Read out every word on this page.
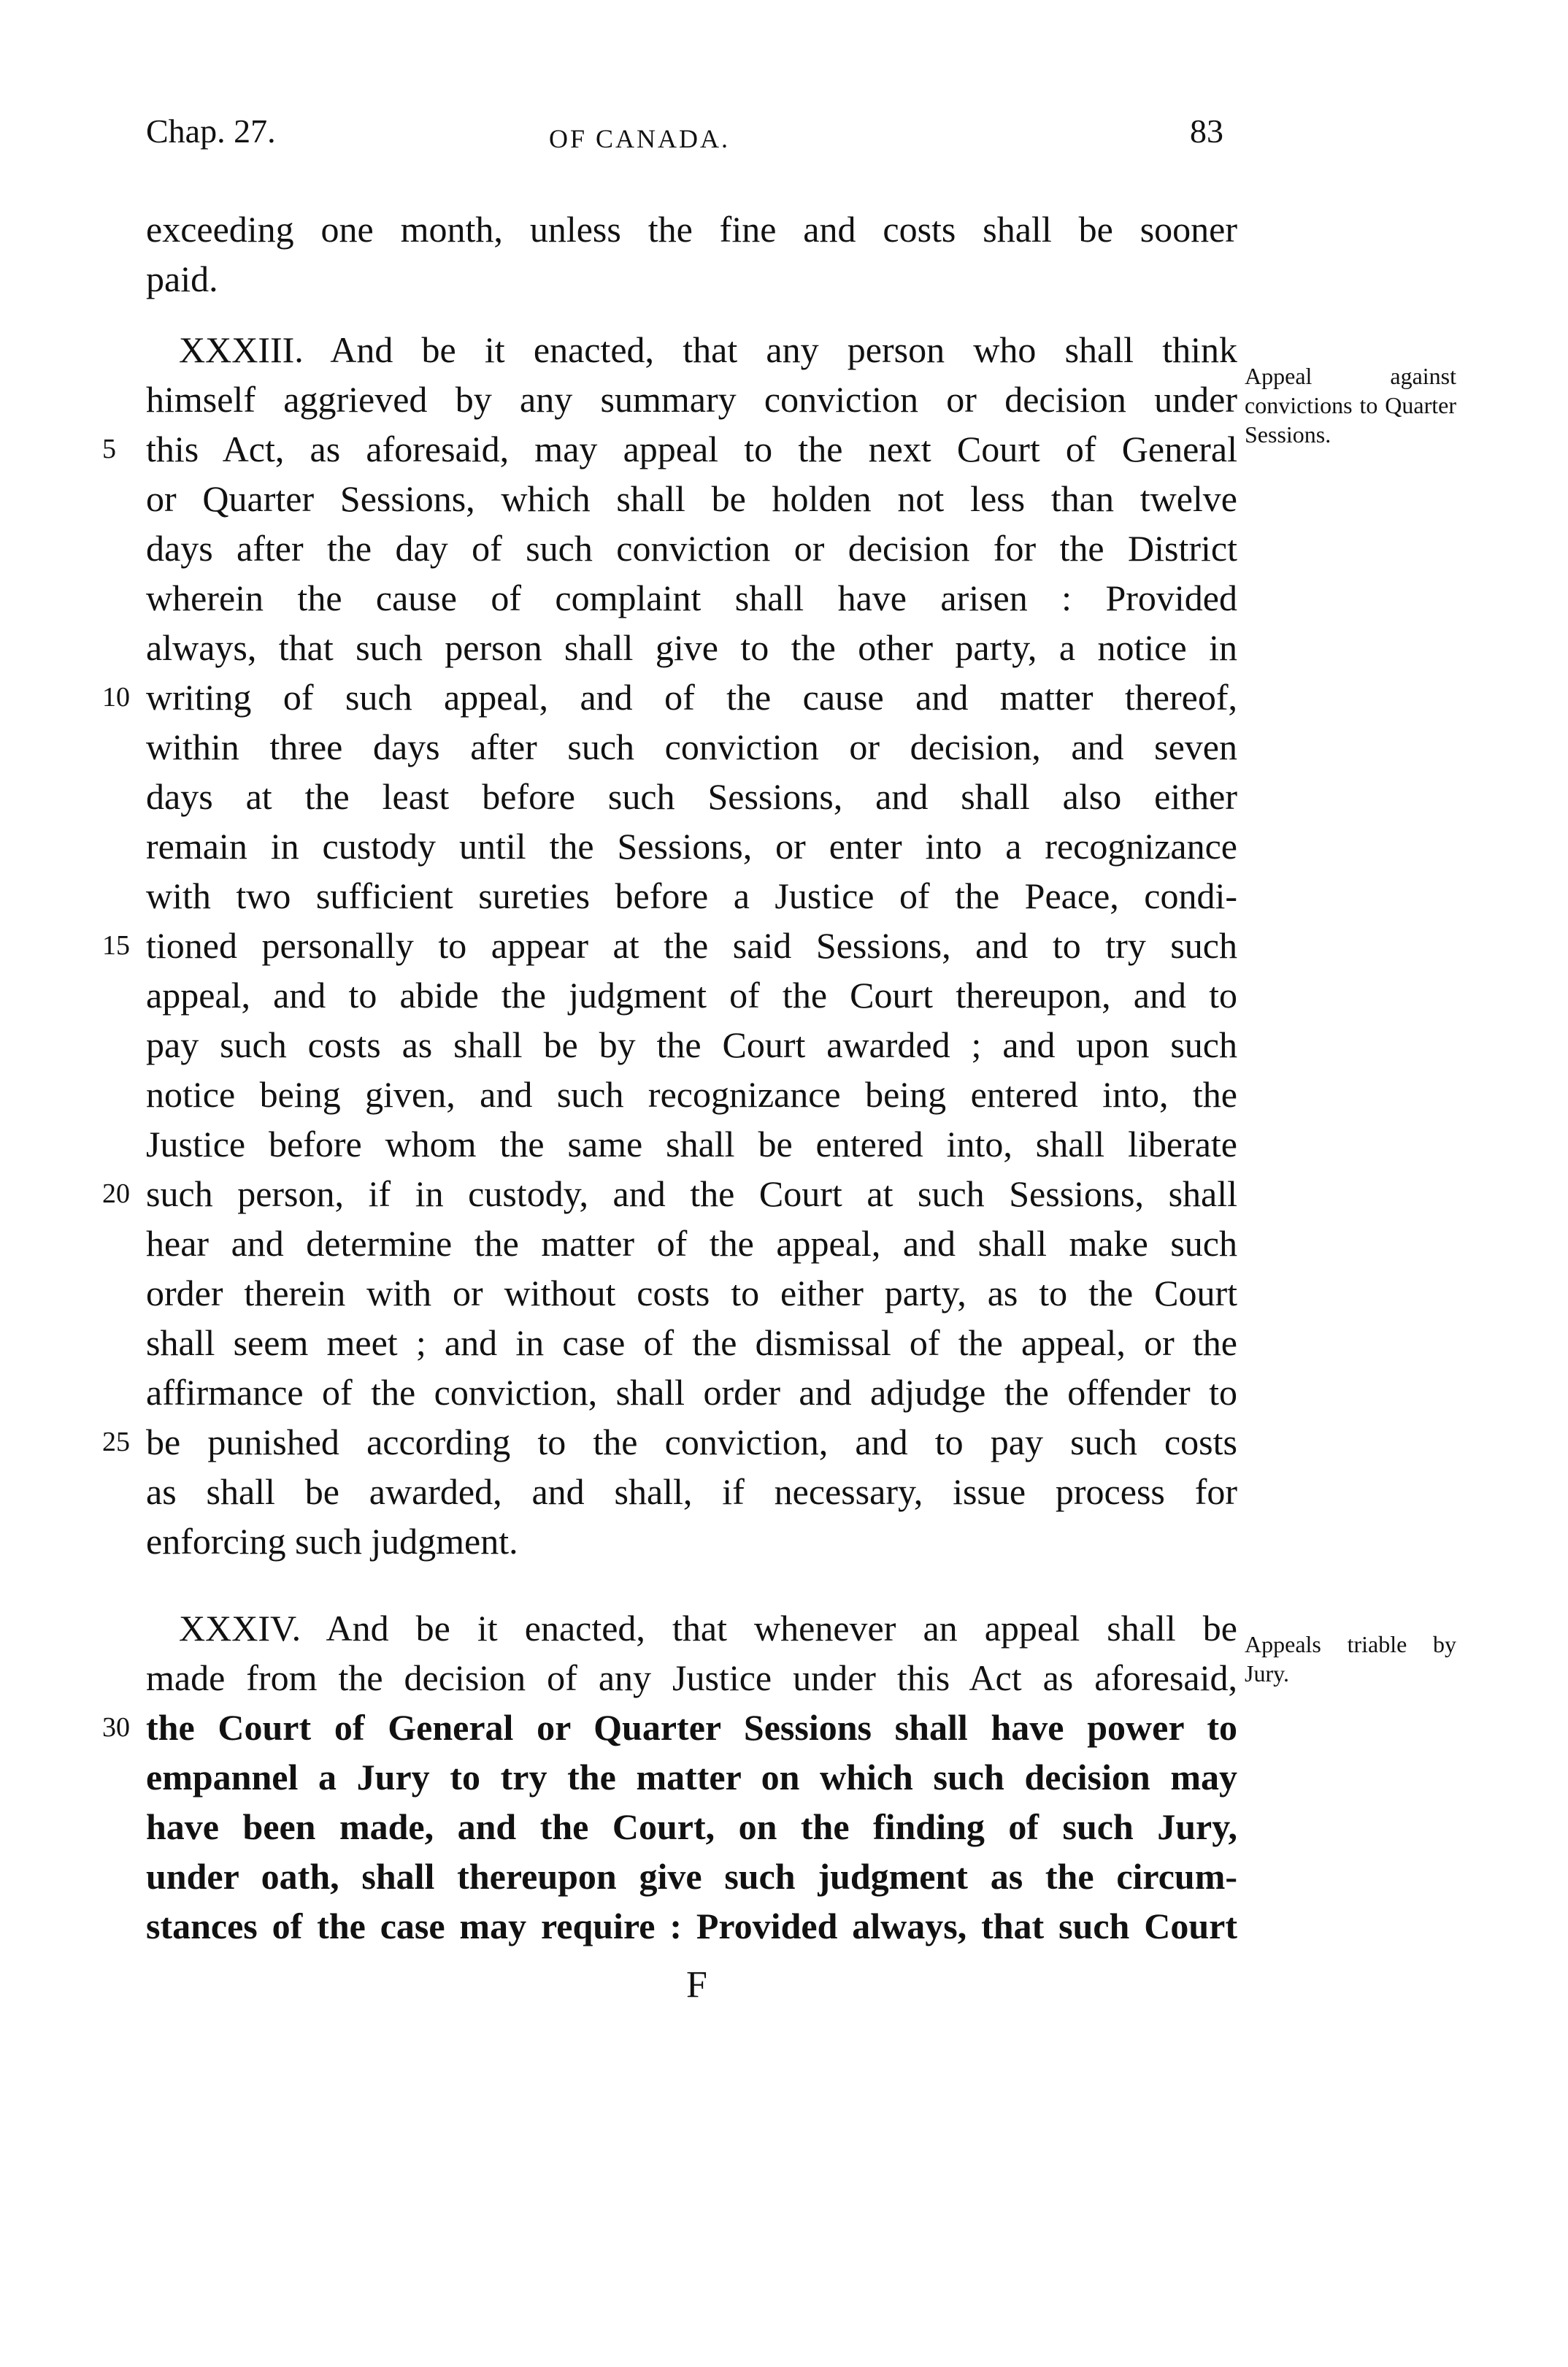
Chap. 27.	OF CANADA.	83
exceeding one month, unless the fine and costs shall be sooner
paid.
XXXIII. And be it enacted, that any person who shall think
himself aggrieved by any summary conviction or decision under
this Act, as aforesaid, may appeal to the next Court of General
or Quarter Sessions, which shall be holden not less than twelve
days after the day of such conviction or decision for the District
wherein the cause of complaint shall have arisen : Provided
always, that such person shall give to the other party, a notice in
writing of such appeal, and of the cause and matter thereof,
within three days after such conviction or decision, and seven
days at the least before such Sessions, and shall also either
remain in custody until the Sessions, or enter into a recognizance
with two sufficient sureties before a Justice of the Peace, condi-
tioned personally to appear at the said Sessions, and to try such
appeal, and to abide the judgment of the Court thereupon, and to
pay such costs as shall be by the Court awarded ; and upon such
notice being given, and such recognizance being entered into, the
Justice before whom the same shall be entered into, shall liberate
such person, if in custody, and the Court at such Sessions, shall
hear and determine the matter of the appeal, and shall make such
order therein with or without costs to either party, as to the Court
shall seem meet ; and in case of the dismissal of the appeal, or the
affirmance of the conviction, shall order and adjudge the offender to
be punished according to the conviction, and to pay such costs
as shall be awarded, and shall, if necessary, issue process for
enforcing such judgment.
XXXIV. And be it enacted, that whenever an appeal shall be
made from the decision of any Justice under this Act as aforesaid,
the Court of General or Quarter Sessions shall have power to
empannel a Jury to try the matter on which such decision may
have been made, and the Court, on the finding of such Jury,
under oath, shall thereupon give such judgment as the circum-
stances of the case may require : Provided always, that such Court
5
10
15
20
25
30
Appeal against convictions to Quarter Sessions.
Appeals triable by Jury.
F
